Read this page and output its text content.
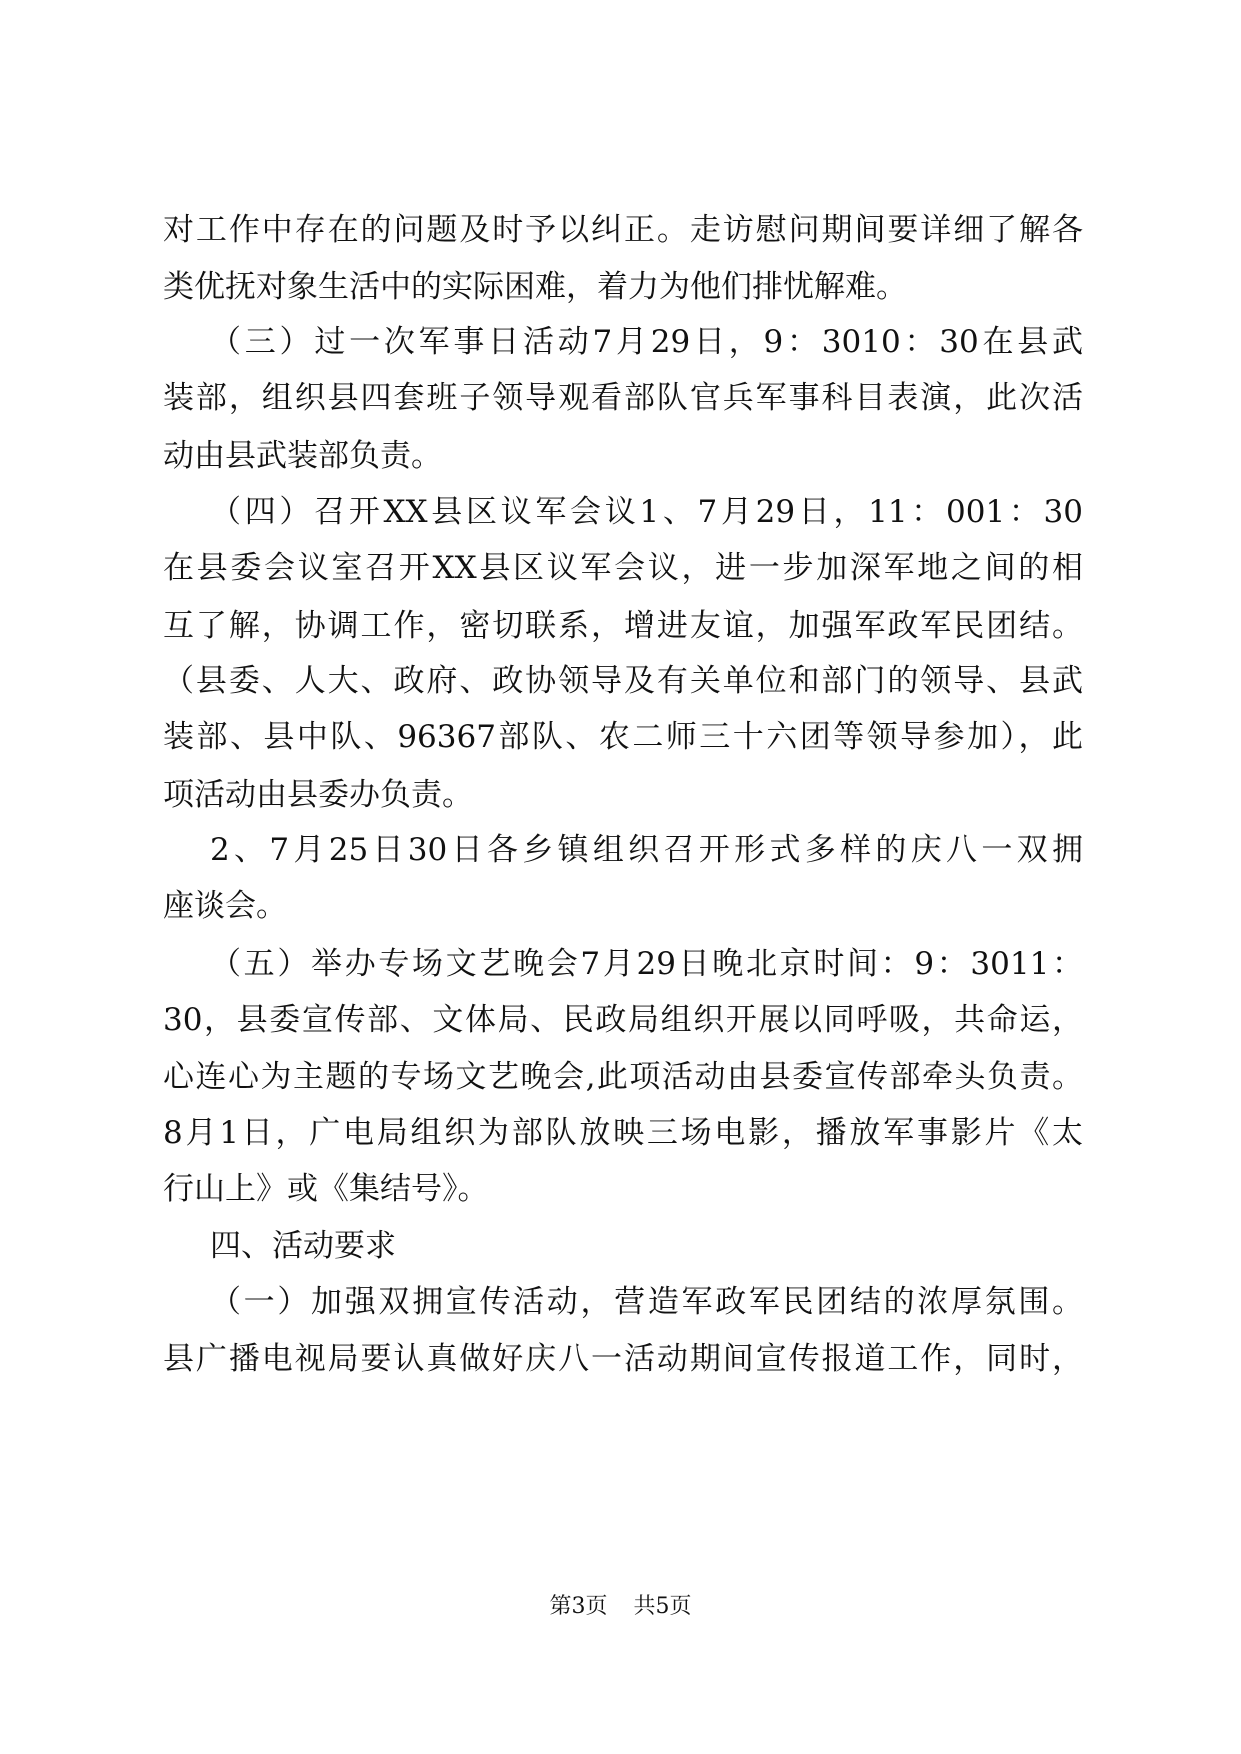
对工作中存在的问题及时予以纠正。走访慰问期间要详细了解各
类优抚对象生活中的实际困难，着力为他们排忧解难。
（三）过一次军事日活动7月29日，9：3010：30在县武
装部，组织县四套班子领导观看部队官兵军事科目表演，此次活
动由县武装部负责。
（四）召开XX县区议军会议1、7月29日，11：001：30
在县委会议室召开XX县区议军会议，进一步加深军地之间的相
互了解，协调工作，密切联系，增进友谊，加强军政军民团结。
（县委、人大、政府、政协领导及有关单位和部门的领导、县武
装部、县中队、96367部队、农二师三十六团等领导参加），此
项活动由县委办负责。
2、7月25日30日各乡镇组织召开形式多样的庆八一双拥
座谈会。
（五）举办专场文艺晚会7月29日晚北京时间：9：3011：
30，县委宣传部、文体局、民政局组织开展以同呼吸，共命运，
心连心为主题的专场文艺晚会,此项活动由县委宣传部牵头负责。
8月1日，广电局组织为部队放映三场电影，播放军事影片《太
行山上》或《集结号》。
四、活动要求
（一）加强双拥宣传活动，营造军政军民团结的浓厚氛围。
县广播电视局要认真做好庆八一活动期间宣传报道工作，同时，
第3页 共5页
